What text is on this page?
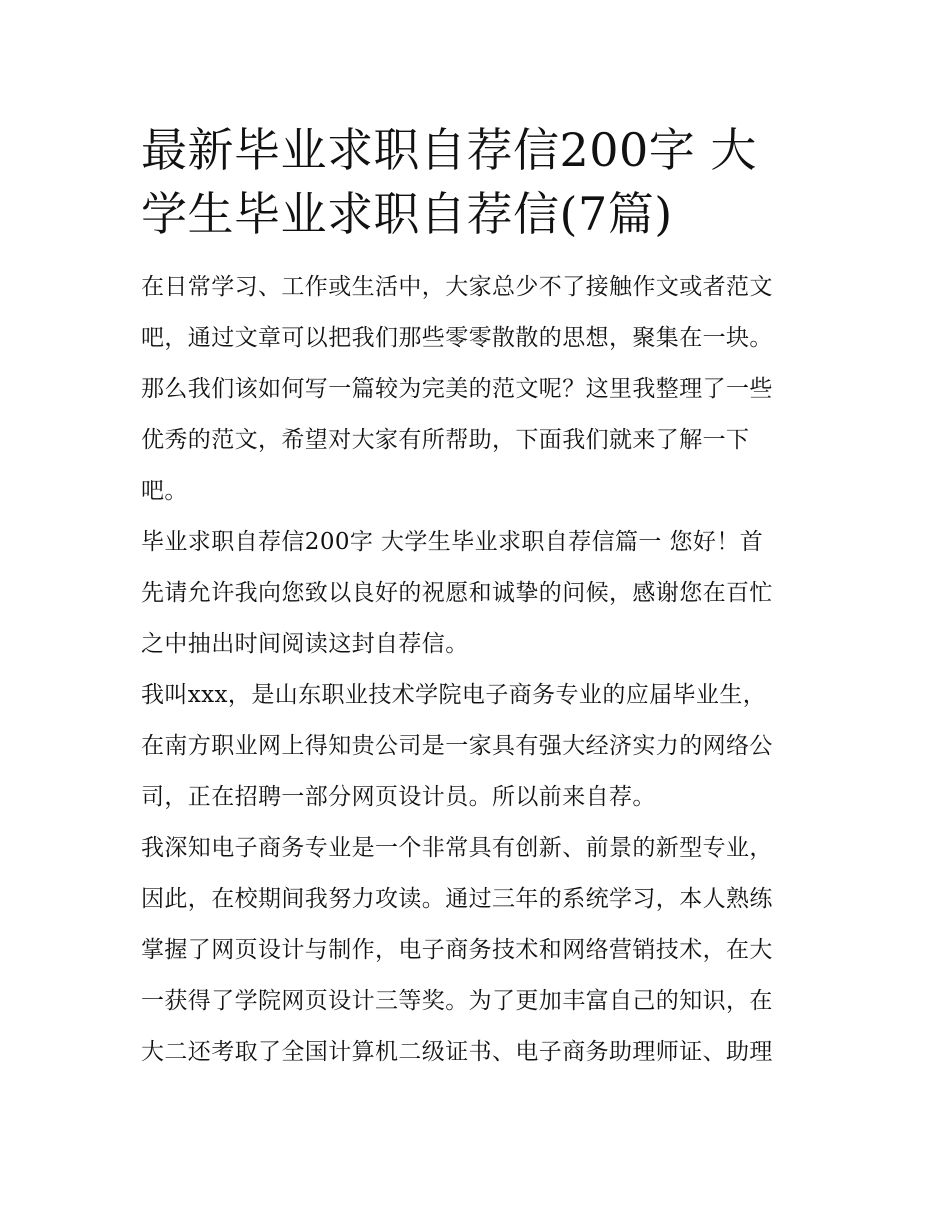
最新毕业求职自荐信200字 大
学生毕业求职自荐信(7篇)

在日常学习、工作或生活中，大家总少不了接触作文或者范文
吧，通过文章可以把我们那些零零散散的思想，聚集在一块。
那么我们该如何写一篇较为完美的范文呢？这里我整理了一些
优秀的范文，希望对大家有所帮助，下面我们就来了解一下
吧。

毕业求职自荐信200字 大学生毕业求职自荐信篇一 您好！首
先请允许我向您致以良好的祝愿和诚挚的问候，感谢您在百忙
之中抽出时间阅读这封自荐信。

我叫xxx，是山东职业技术学院电子商务专业的应届毕业生，
在南方职业网上得知贵公司是一家具有强大经济实力的网络公
司，正在招聘一部分网页设计员。所以前来自荐。

我深知电子商务专业是一个非常具有创新、前景的新型专业，
因此，在校期间我努力攻读。通过三年的系统学习，本人熟练
掌握了网页设计与制作，电子商务技术和网络营销技术，在大
一获得了学院网页设计三等奖。为了更加丰富自己的知识，在
大二还考取了全国计算机二级证书、电子商务助理师证、助理
